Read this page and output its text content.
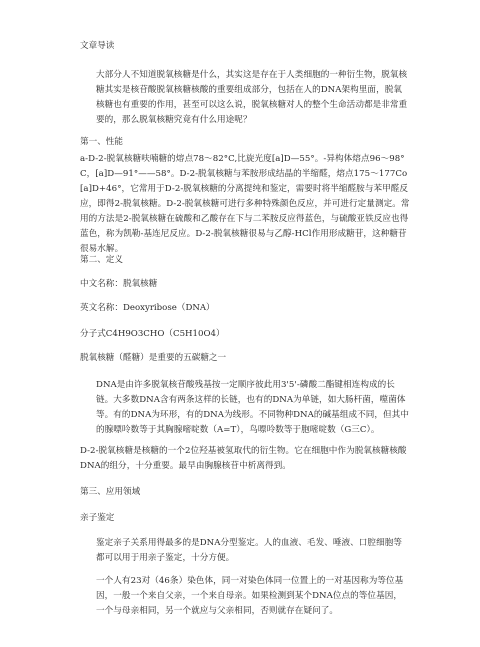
文章导读
大部分人不知道脱氧核糖是什么，其实这是存在于人类细胞的一种衍生物，脱氧核糖其实是核苷酸脱氧核糖核酸的重要组成部分，包括在人的DNA架构里面，脱氧核糖也有重要的作用，甚至可以这么说，脱氧核糖对人的整个生命活动都是非常重要的，那么脱氧核糖究竟有什么用途呢？
第一、性能
a-D-2-脱氧核糖呋喃糖的熔点78〜82°C,比旋光度[a]D—55°。-异构体熔点96〜98°C，[a]D—91°——58°。D-2-脱氧核糖与苯胺形成结晶的半缩醛，熔点175〜177Co[a]D+46°，它常用于D-2-脱氧核糖的分离提纯和鉴定，需要时将半缩醛胺与苯甲醛反应，即得2-脱氧核糖。D-2-脱氧核糖可进行多种特殊颜色反应，并可进行定量测定。常用的方法是2-脱氧核糖在硫酸和乙酸存在下与二苯胺反应得蓝色，与硫酸亚铁反应也得蓝色，称为凯勒-基连尼反应。D-2-脱氧核糖很易与乙醇-HCl作用形成糖苷，这种糖苷很易水解。
第二、定义
中文名称：脱氧核糖
英文名称：Deoxyribose（DNA）
分子式C4H9O3CHO（C5H10O4）
脱氧核糖（醛糖）是重要的五碳糖之一
DNA是由许多脱氧核苷酸残基按一定顺序彼此用3'5'-磷酸二酯键相连构成的长链。大多数DNA含有两条这样的长链，也有的DNA为单链，如大肠杆菌，噬菌体等。有的DNA为环形，有的DNA为线形。不同物种DNA的碱基组成不同，但其中的腺嘌呤数等于其胸腺嘧啶数（A=T），鸟嘌呤数等于胞嘧啶数（G三C）。
D-2-脱氧核糖是核糖的一个2位羟基被氢取代的衍生物。它在细胞中作为脱氧核糖核酸DNA的组分，十分重要。最早由胸腺核苷中析离得到。
第三、应用领域
亲子鉴定
鉴定亲子关系用得最多的是DNA分型鉴定。人的血液、毛发、唾液、口腔细胞等都可以用于用亲子鉴定，十分方便。
一个人有23对（46条）染色体，同一对染色体同一位置上的一对基因称为等位基因，一般一个来自父亲，一个来自母亲。如果检测到某个DNA位点的等位基因，一个与母亲相同，另一个就应与父亲相同，否则就存在疑问了。
